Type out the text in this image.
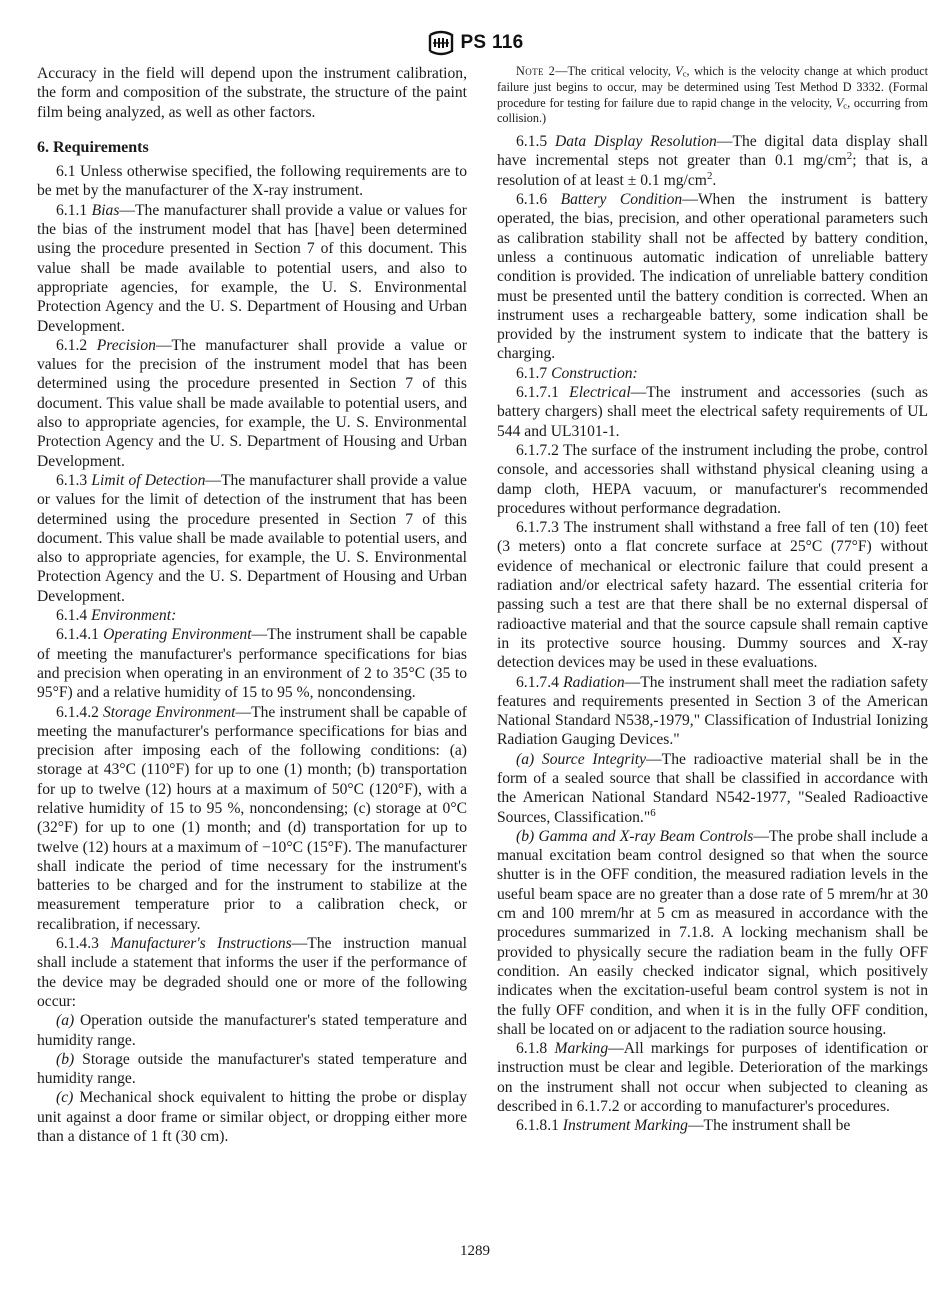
PS 116

Accuracy in the field will depend upon the instrument calibration, the form and composition of the substrate, the structure of the paint film being analyzed, as well as other factors.

6. Requirements

6.1 Unless otherwise specified, the following requirements are to be met by the manufacturer of the X-ray instrument.

6.1.1 Bias—The manufacturer shall provide a value or values for the bias of the instrument model that has [have] been determined using the procedure presented in Section 7 of this document. This value shall be made available to potential users, and also to appropriate agencies, for example, the U. S. Environmental Protection Agency and the U. S. Department of Housing and Urban Development.

6.1.2 Precision—The manufacturer shall provide a value or values for the precision of the instrument model that has been determined using the procedure presented in Section 7 of this document. This value shall be made available to potential users, and also to appropriate agencies, for example, the U. S. Environmental Protection Agency and the U. S. Department of Housing and Urban Development.

6.1.3 Limit of Detection—The manufacturer shall provide a value or values for the limit of detection of the instrument that has been determined using the procedure presented in Section 7 of this document. This value shall be made available to potential users, and also to appropriate agencies, for example, the U. S. Environmental Protection Agency and the U. S. Department of Housing and Urban Development.

6.1.4 Environment:

6.1.4.1 Operating Environment—The instrument shall be capable of meeting the manufacturer's performance specifications for bias and precision when operating in an environment of 2 to 35°C (35 to 95°F) and a relative humidity of 15 to 95 %, noncondensing.

6.1.4.2 Storage Environment—The instrument shall be capable of meeting the manufacturer's performance specifications for bias and precision after imposing each of the following conditions: (a) storage at 43°C (110°F) for up to one (1) month; (b) transportation for up to twelve (12) hours at a maximum of 50°C (120°F), with a relative humidity of 15 to 95 %, noncondensing; (c) storage at 0°C (32°F) for up to one (1) month; and (d) transportation for up to twelve (12) hours at a maximum of −10°C (15°F). The manufacturer shall indicate the period of time necessary for the instrument's batteries to be charged and for the instrument to stabilize at the measurement temperature prior to a calibration check, or recalibration, if necessary.

6.1.4.3 Manufacturer's Instructions—The instruction manual shall include a statement that informs the user if the performance of the device may be degraded should one or more of the following occur:

(a) Operation outside the manufacturer's stated temperature and humidity range.

(b) Storage outside the manufacturer's stated temperature and humidity range.

(c) Mechanical shock equivalent to hitting the probe or display unit against a door frame or similar object, or dropping either more than a distance of 1 ft (30 cm).

Note 2—The critical velocity, $V_c$, which is the velocity change at which product failure just begins to occur, may be determined using Test Method D 3332. (Formal procedure for testing for failure due to rapid change in the velocity, $V_c$, occurring from collision.)

6.1.5 Data Display Resolution—The digital data display shall have incremental steps not greater than 0.1 $mg/cm^2$; that is, a resolution of at least ± 0.1 $mg/cm^2$.

6.1.6 Battery Condition—When the instrument is battery operated, the bias, precision, and other operational parameters such as calibration stability shall not be affected by battery condition, unless a continuous automatic indication of unreliable battery condition is provided. The indication of unreliable battery condition must be presented until the battery condition is corrected. When an instrument uses a rechargeable battery, some indication shall be provided by the instrument system to indicate that the battery is charging.

6.1.7 Construction:

6.1.7.1 Electrical—The instrument and accessories (such as battery chargers) shall meet the electrical safety requirements of UL 544 and UL3101-1.

6.1.7.2 The surface of the instrument including the probe, control console, and accessories shall withstand physical cleaning using a damp cloth, HEPA vacuum, or manufacturer's recommended procedures without performance degradation.

6.1.7.3 The instrument shall withstand a free fall of ten (10) feet (3 meters) onto a flat concrete surface at 25°C (77°F) without evidence of mechanical or electronic failure that could present a radiation and/or electrical safety hazard. The essential criteria for passing such a test are that there shall be no external dispersal of radioactive material and that the source capsule shall remain captive in its protective source housing. Dummy sources and X-ray detection devices may be used in these evaluations.

6.1.7.4 Radiation—The instrument shall meet the radiation safety features and requirements presented in Section 3 of the American National Standard N538,-1979," Classification of Industrial Ionizing Radiation Gauging Devices."

(a) Source Integrity—The radioactive material shall be in the form of a sealed source that shall be classified in accordance with the American National Standard N542-1977, "Sealed Radioactive Sources, Classification."$^6$

(b) Gamma and X-ray Beam Controls—The probe shall include a manual excitation beam control designed so that when the source shutter is in the OFF condition, the measured radiation levels in the useful beam space are no greater than a dose rate of 5 mrem/hr at 30 cm and 100 mrem/hr at 5 cm as measured in accordance with the procedures summarized in 7.1.8. A locking mechanism shall be provided to physically secure the radiation beam in the fully OFF condition. An easily checked indicator signal, which positively indicates when the excitation-useful beam control system is not in the fully OFF condition, and when it is in the fully OFF condition, shall be located on or adjacent to the radiation source housing.

6.1.8 Marking—All markings for purposes of identification or instruction must be clear and legible. Deterioration of the markings on the instrument shall not occur when subjected to cleaning as described in 6.1.7.2 or according to manufacturer's procedures.

6.1.8.1 Instrument Marking—The instrument shall be

1289
